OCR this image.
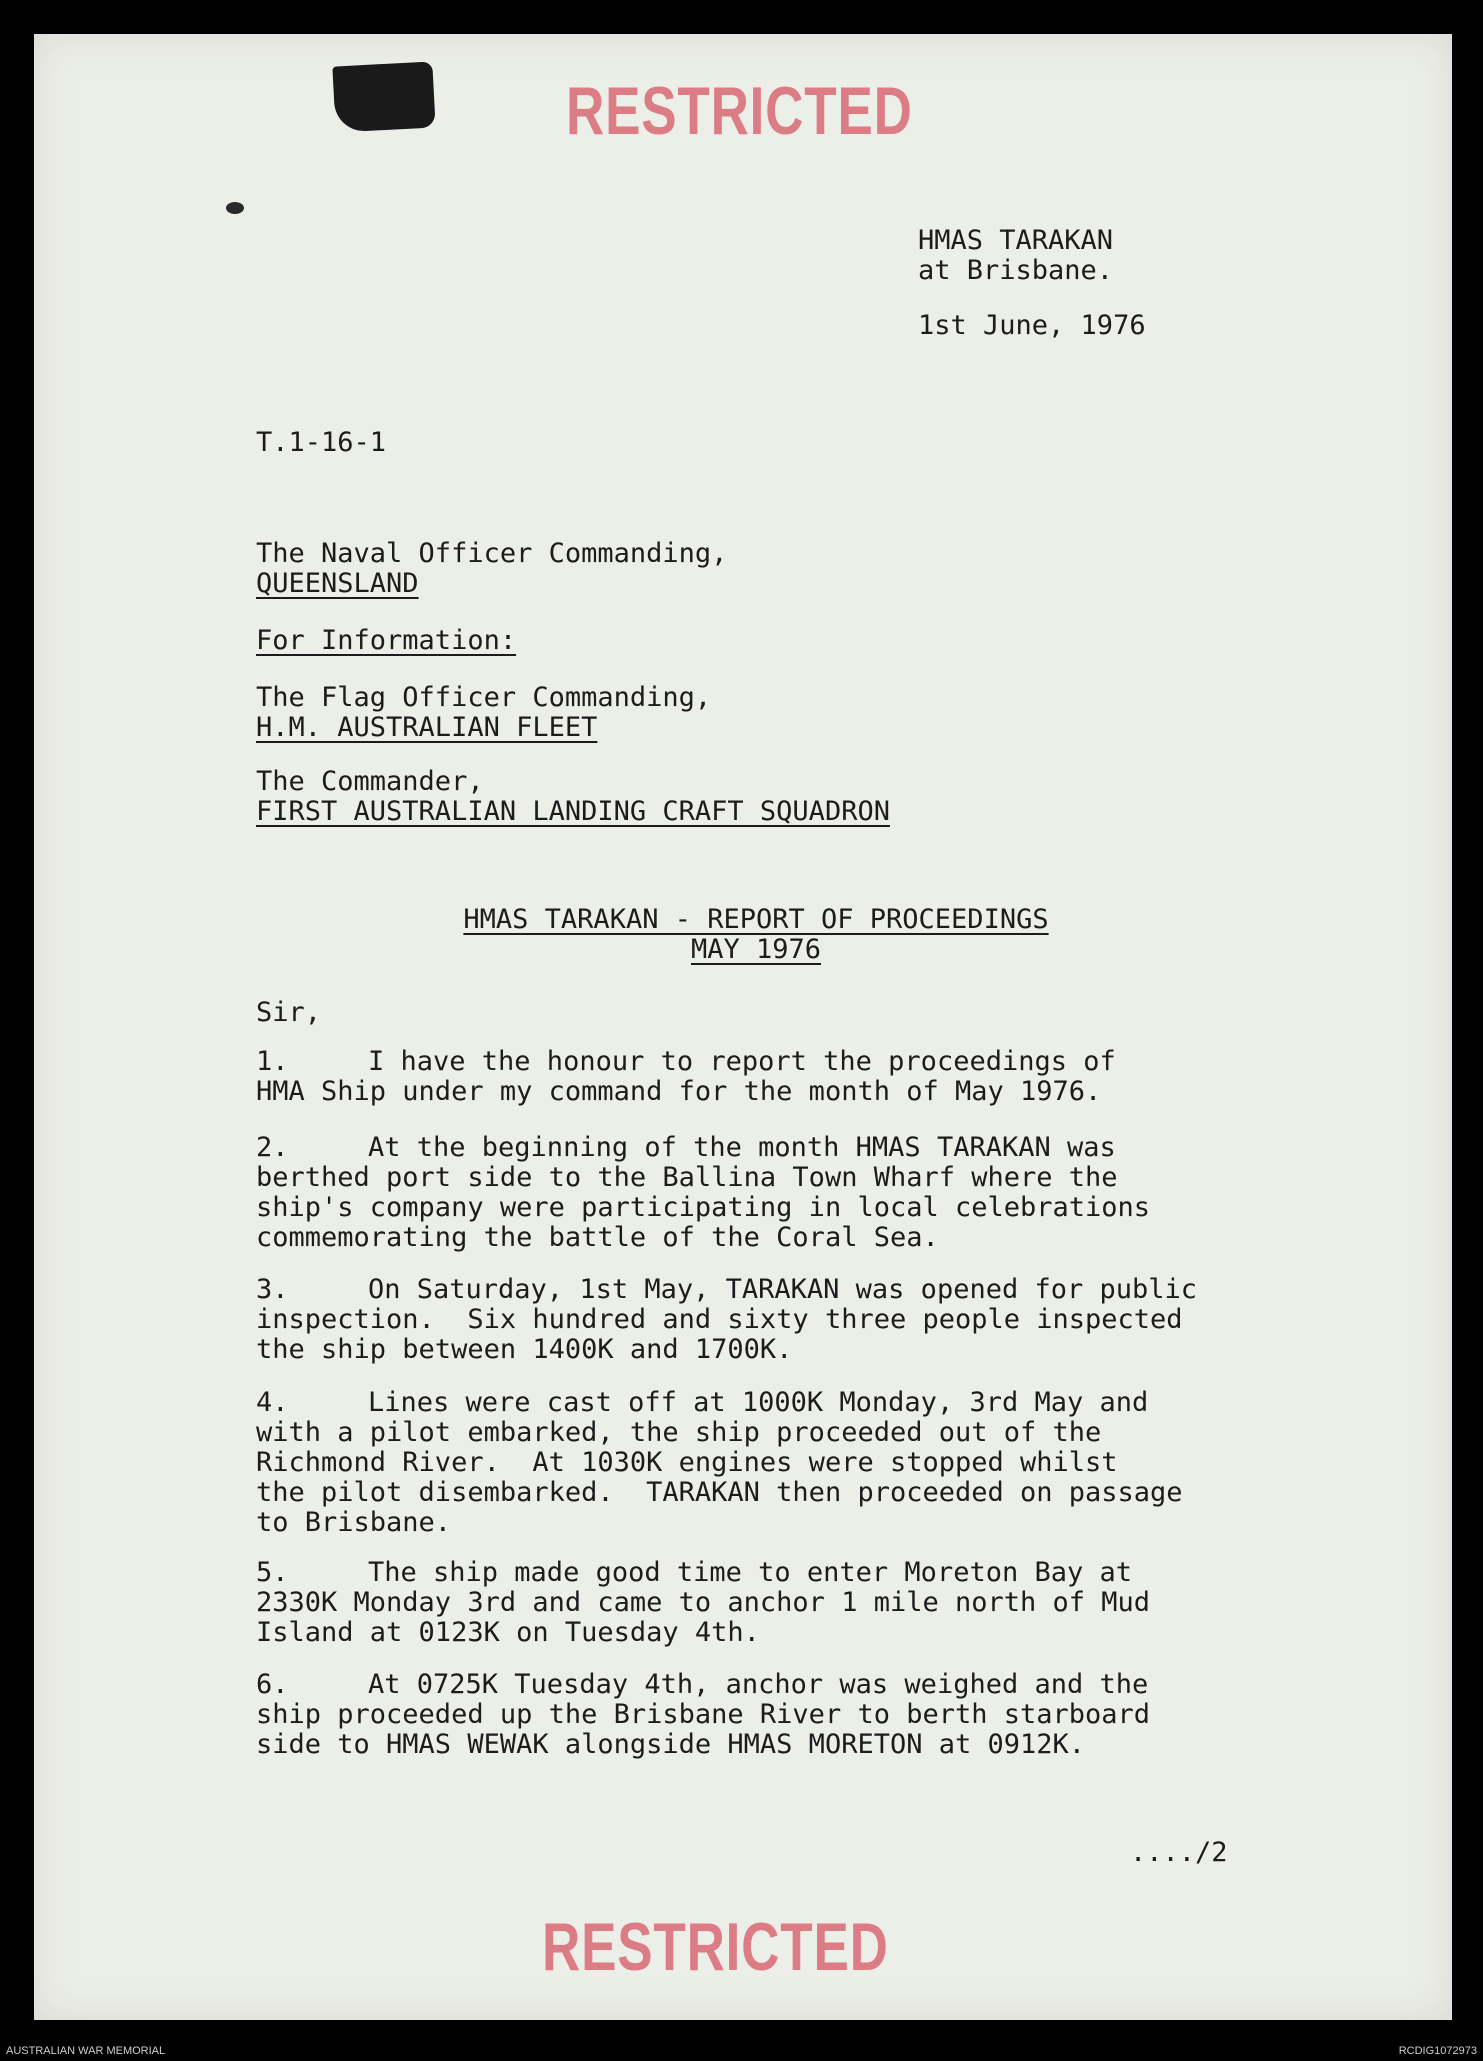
RESTRICTED
HMAS TARAKAN
at Brisbane.
1st June, 1976
T.1-16-1
The Naval Officer Commanding,
QUEENSLAND
For Information:
The Flag Officer Commanding,
H.M. AUSTRALIAN FLEET
The Commander,
FIRST AUSTRALIAN LANDING CRAFT SQUADRON
HMAS TARAKAN - REPORT OF PROCEEDINGS
MAY 1976
Sir,

1.	I have the honour to report the proceedings of

HMA Ship under my command for the month of May 1976.

2.	At the beginning of the month HMAS TARAKAN was

berthed port side to the Ballina Town Wharf where the

ship's company were participating in local celebrations

commemorating the battle of the Coral Sea.

3.	On Saturday, 1st May, TARAKAN was opened for public

inspection.  Six hundred and sixty three people inspected

the ship between 1400K and 1700K.

4.	Lines were cast off at 1000K Monday, 3rd May and

with a pilot embarked, the ship proceeded out of the

Richmond River.  At 1030K engines were stopped whilst

the pilot disembarked.  TARAKAN then proceeded on passage

to Brisbane.

5.	The ship made good time to enter Moreton Bay at

2330K Monday 3rd and came to anchor 1 mile north of Mud

Island at 0123K on Tuesday 4th.

6.	At 0725K Tuesday 4th, anchor was weighed and the

ship proceeded up the Brisbane River to berth starboard

side to HMAS WEWAK alongside HMAS MORETON at 0912K.

..../2
RESTRICTED
AUSTRALIAN WAR MEMORIAL	RCDIG1072973
